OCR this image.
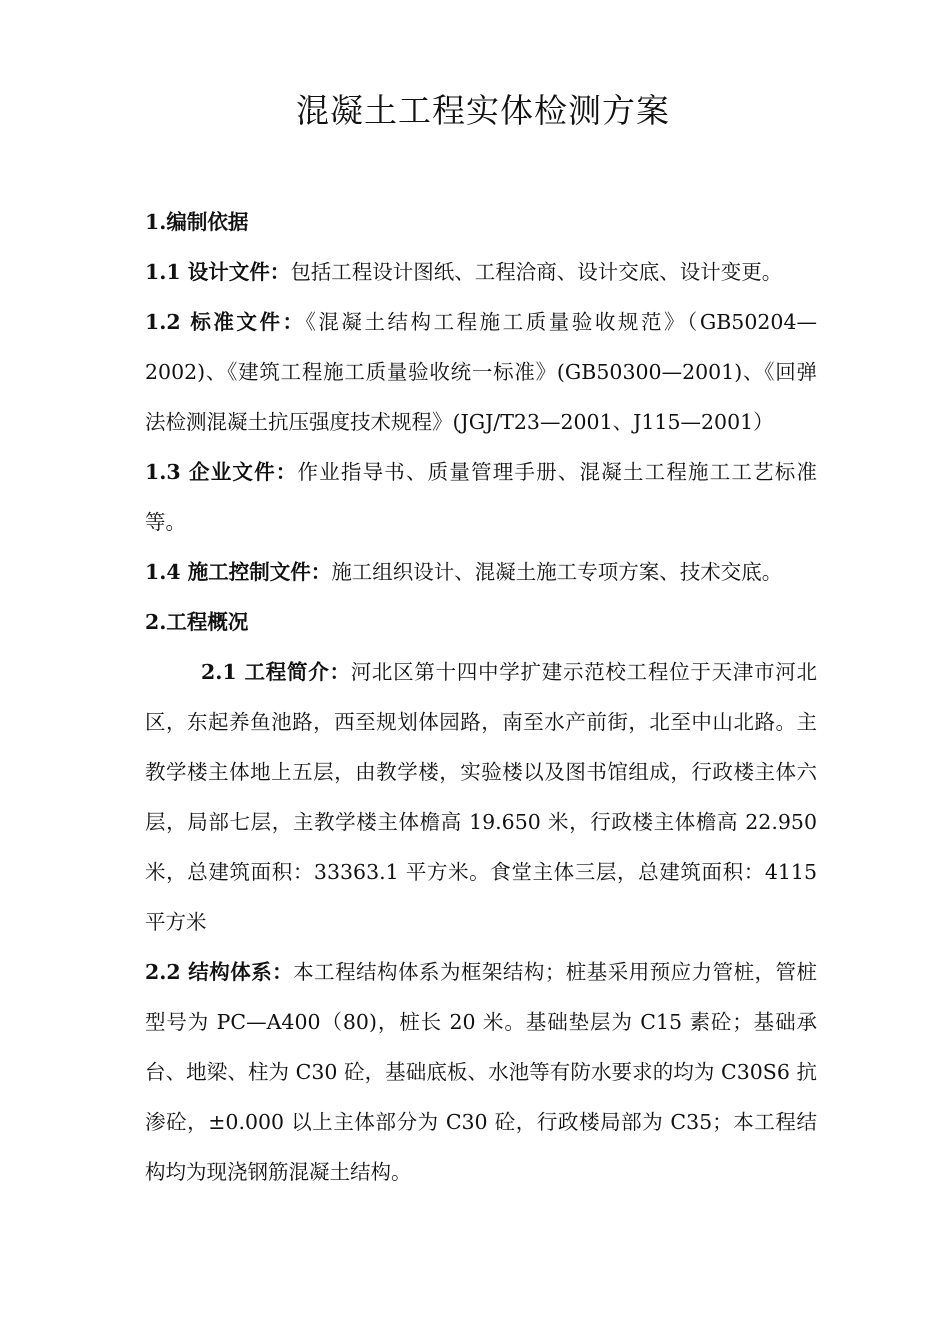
混凝土工程实体检测方案

1.编制依据

1.1 设计文件：包括工程设计图纸、工程洽商、设计交底、设计变更。

1.2 标准文件：《混凝土结构工程施工质量验收规范》（GB50204—2002)、《建筑工程施工质量验收统一标准》(GB50300—2001)、《回弹法检测混凝土抗压强度技术规程》(JGJ/T23—2001、J115—2001）

1.3 企业文件：作业指导书、质量管理手册、混凝土工程施工工艺标准等。

1.4 施工控制文件：施工组织设计、混凝土施工专项方案、技术交底。

2.工程概况

2.1 工程简介：河北区第十四中学扩建示范校工程位于天津市河北区，东起养鱼池路，西至规划体园路，南至水产前街，北至中山北路。主教学楼主体地上五层，由教学楼，实验楼以及图书馆组成，行政楼主体六层，局部七层，主教学楼主体檐高 19.650 米，行政楼主体檐高 22.950 米，总建筑面积：33363.1 平方米。食堂主体三层，总建筑面积：4115 平方米

2.2 结构体系：本工程结构体系为框架结构；桩基采用预应力管桩，管桩型号为 PC—A400（80)，桩长 20 米。基础垫层为 C15 素砼；基础承台、地梁、柱为 C30 砼，基础底板、水池等有防水要求的均为 C30S6 抗渗砼，±0.000 以上主体部分为 C30 砼，行政楼局部为 C35；本工程结构均为现浇钢筋混凝土结构。
